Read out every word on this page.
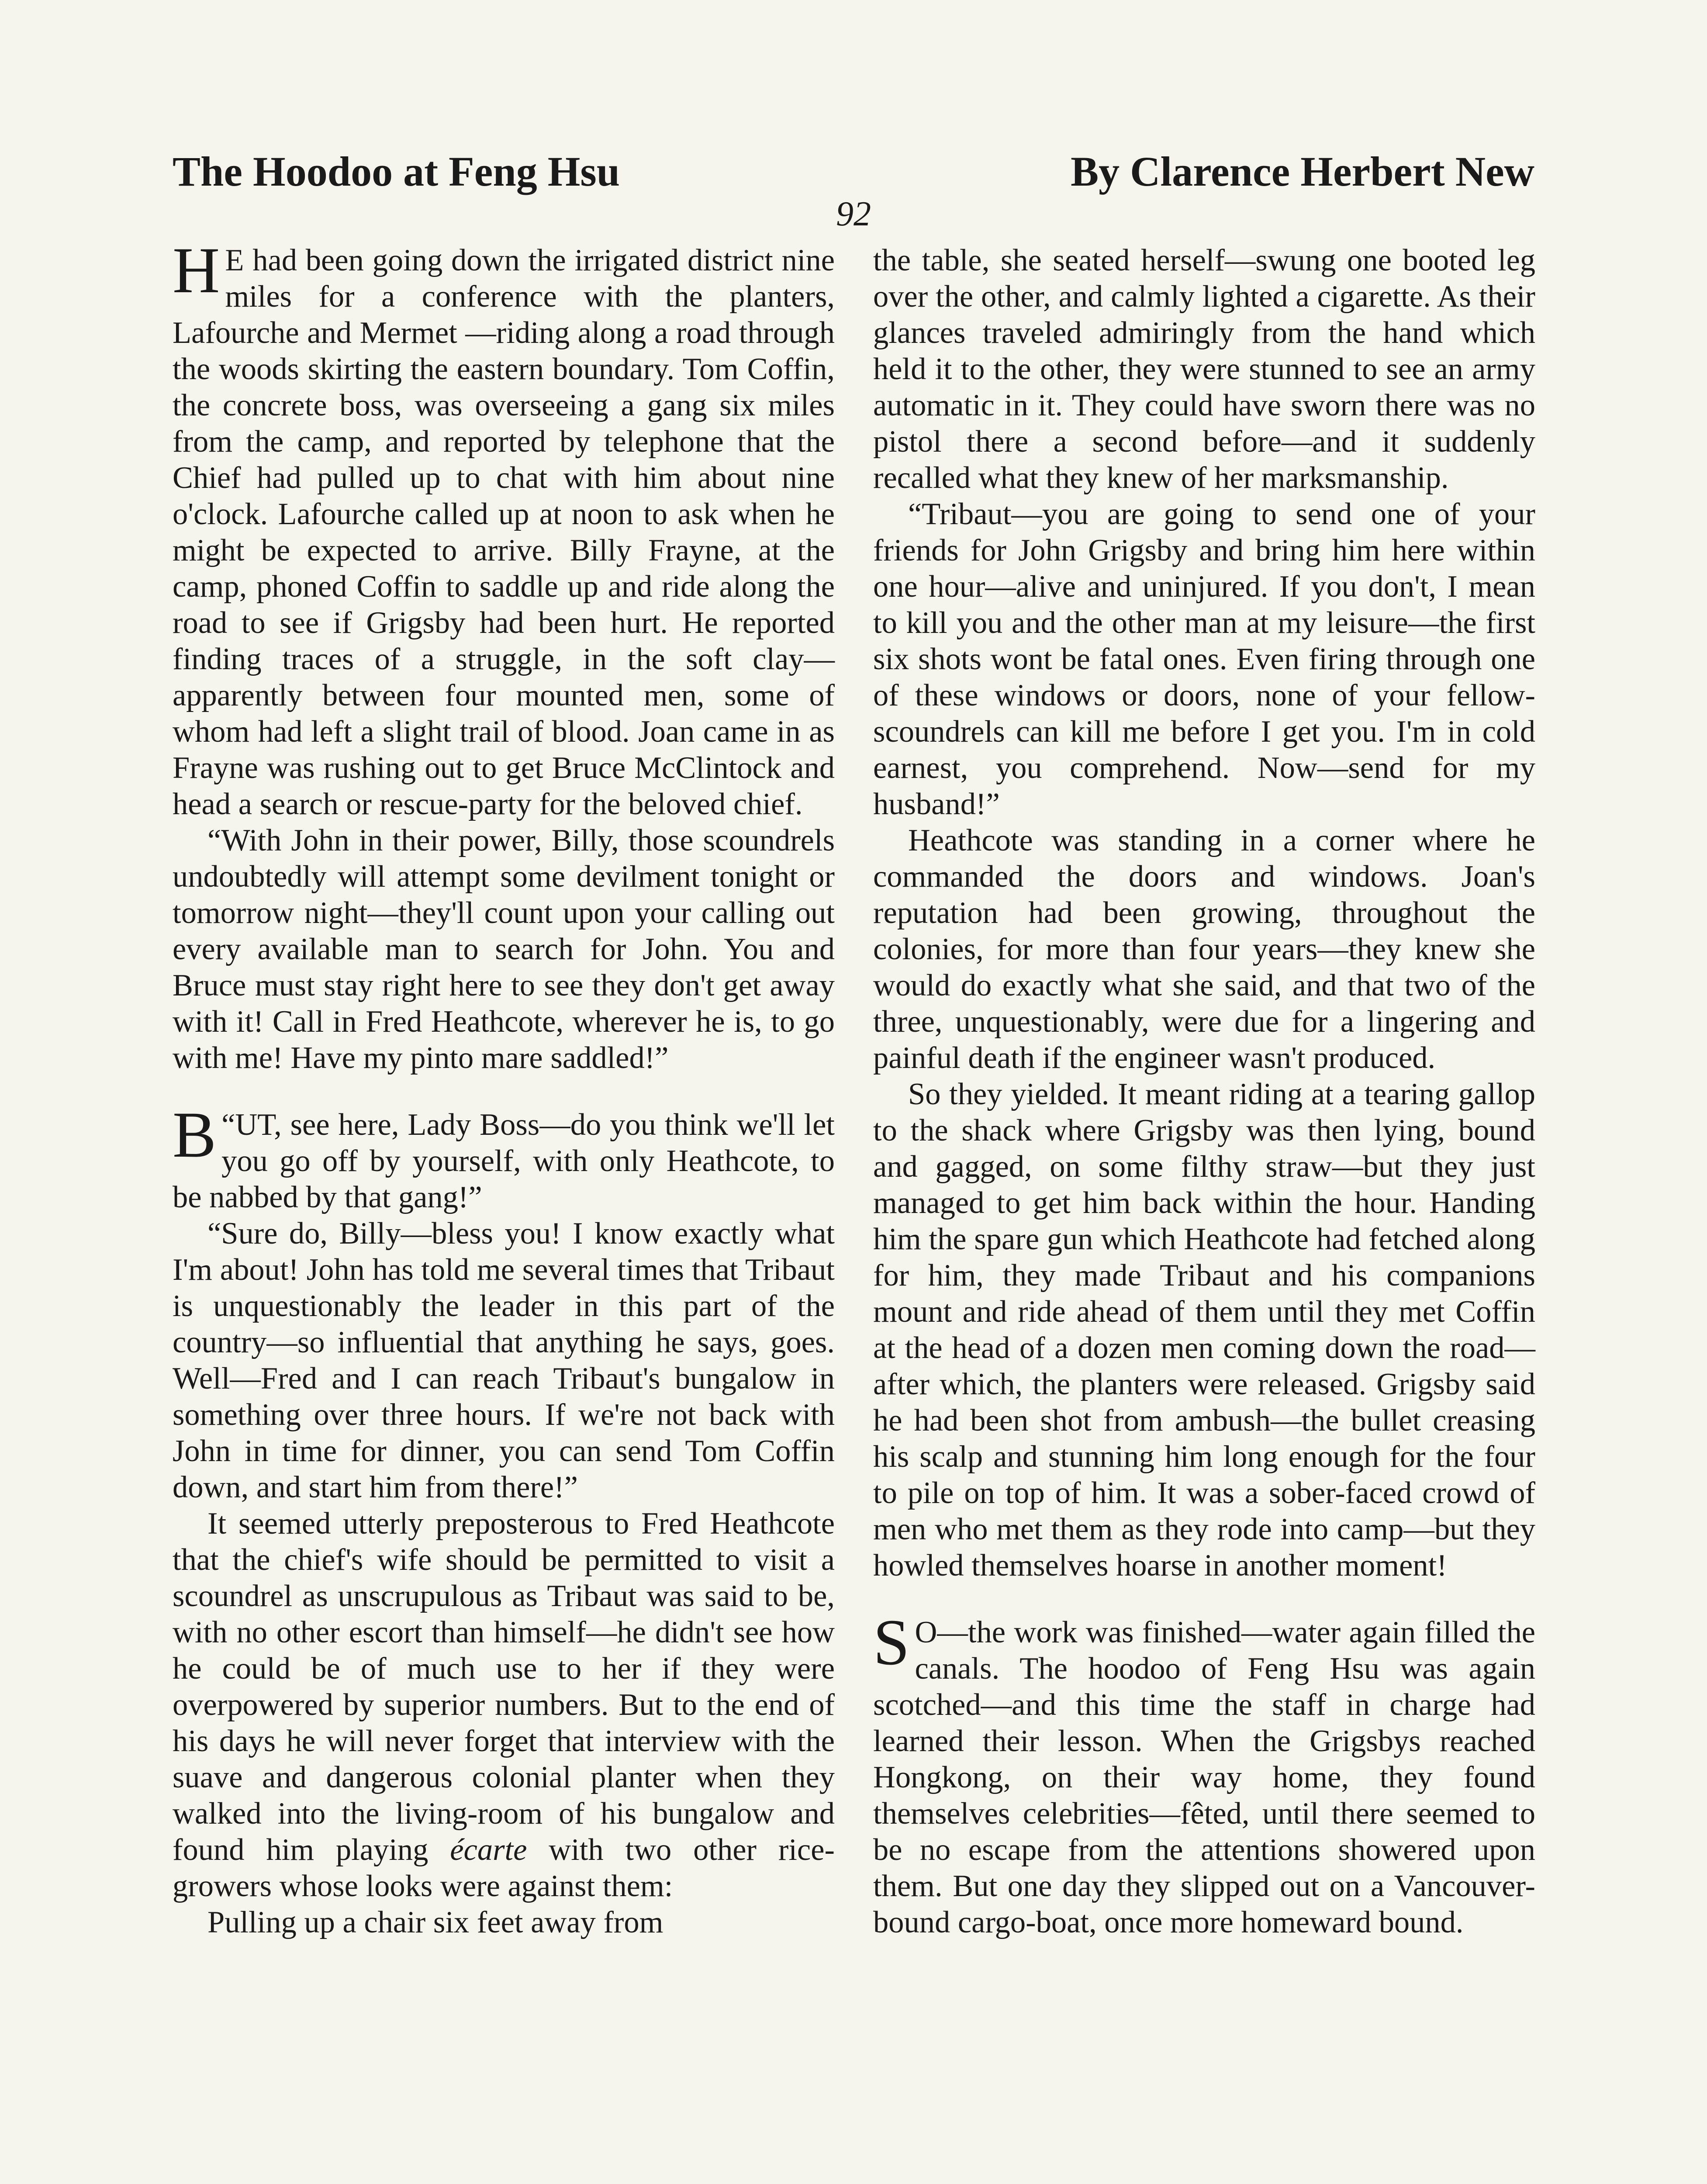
The Hoodoo at Feng Hsu	By Clarence Herbert New
92

H E had been going down the irrigated district nine miles for a conference with the planters, Lafourche and Mermet —riding along a road through the woods skirting the eastern boundary. Tom Coffin, the concrete boss, was overseeing a gang six miles from the camp, and reported by telephone that the Chief had pulled up to chat with him about nine o'clock. Lafourche called up at noon to ask when he might be expected to arrive. Billy Frayne, at the camp, phoned Coffin to saddle up and ride along the road to see if Grigsby had been hurt. He reported finding traces of a struggle, in the soft clay—apparently between four mounted men, some of whom had left a slight trail of blood. Joan came in as Frayne was rushing out to get Bruce McClintock and head a search or rescue-party for the beloved chief.

“With John in their power, Billy, those scoundrels undoubtedly will attempt some devilment tonight or tomorrow night—they'll count upon your calling out every available man to search for John. You and Bruce must stay right here to see they don't get away with it! Call in Fred Heathcote, wherever he is, to go with me! Have my pinto mare saddled!”

“
B UT, see here, Lady Boss—do you think we'll let you go off by yourself, with only Heathcote, to be nabbed by that gang!”

“Sure do, Billy—bless you! I know exactly what I'm about! John has told me several times that Tribaut is unquestionably the leader in this part of the country—so influential that anything he says, goes. Well—Fred and I can reach Tribaut's bungalow in something over three hours. If we're not back with John in time for dinner, you can send Tom Coffin down, and start him from there!”

It seemed utterly preposterous to Fred Heathcote that the chief's wife should be permitted to visit a scoundrel as unscrupulous as Tribaut was said to be, with no other escort than himself—he didn't see how he could be of much use to her if they were overpowered by superior numbers. But to the end of his days he will never forget that interview with the suave and dangerous colonial planter when they walked into the living-room of his bungalow and found him playing écarte with two other rice-growers whose looks were against them:

Pulling up a chair six feet away from

the table, she seated herself—swung one booted leg over the other, and calmly lighted a cigarette. As their glances traveled admiringly from the hand which held it to the other, they were stunned to see an army automatic in it. They could have sworn there was no pistol there a second before—and it suddenly recalled what they knew of her marksmanship.

“Tribaut—you are going to send one of your friends for John Grigsby and bring him here within one hour—alive and uninjured. If you don't, I mean to kill you and the other man at my leisure—the first six shots wont be fatal ones. Even firing through one of these windows or doors, none of your fellow-scoundrels can kill me before I get you. I'm in cold earnest, you comprehend. Now—send for my husband!”

Heathcote was standing in a corner where he commanded the doors and windows. Joan's reputation had been growing, throughout the colonies, for more than four years—they knew she would do exactly what she said, and that two of the three, unquestionably, were due for a lingering and painful death if the engineer wasn't produced.

So they yielded. It meant riding at a tearing gallop to the shack where Grigsby was then lying, bound and gagged, on some filthy straw—but they just managed to get him back within the hour. Handing him the spare gun which Heathcote had fetched along for him, they made Tribaut and his companions mount and ride ahead of them until they met Coffin at the head of a dozen men coming down the road—after which, the planters were released. Grigsby said he had been shot from ambush—the bullet creasing his scalp and stunning him long enough for the four to pile on top of him. It was a sober-faced crowd of men who met them as they rode into camp—but they howled themselves hoarse in another moment!

S O—the work was finished—water again filled the canals. The hoodoo of Feng Hsu was again scotched—and this time the staff in charge had learned their lesson. When the Grigsbys reached Hongkong, on their way home, they found themselves celebrities—fêted, until there seemed to be no escape from the attentions showered upon them. But one day they slipped out on a Vancouver-bound cargo-boat, once more homeward bound.
